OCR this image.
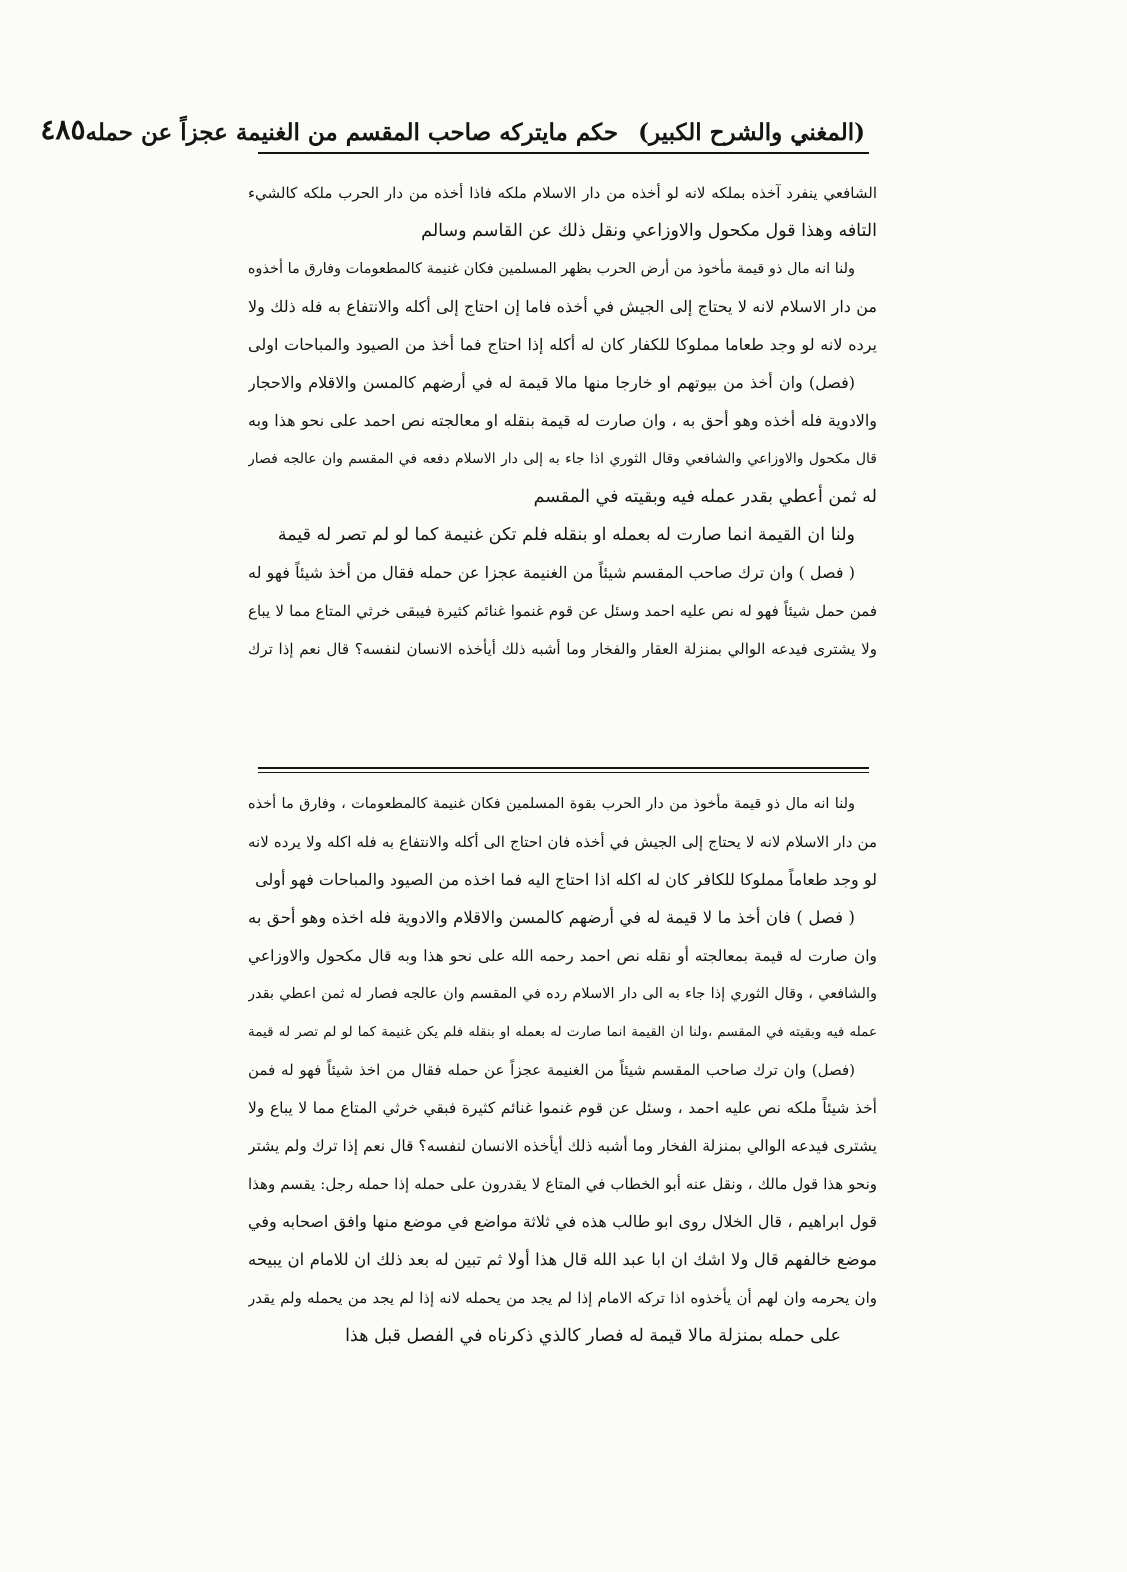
(المغني والشرح الكبير)حكم مايتركه صاحب المقسم من الغنيمة عجزاً عن حمله
٤٨٥
الشافعي ينفرد آخذه بملكه لانه لو أخذه من دار الاسلام ملكه فاذا أخذه من دار الحرب ملكه كالشيء
التافه وهذا قول مكحول والاوزاعي ونقل ذلك عن القاسم وسالم
ولنا انه مال ذو قيمة مأخوذ من أرض الحرب بظهر المسلمين فكان غنيمة كالمطعومات وفارق ما أخذوه
من دار الاسلام لانه لا يحتاج إلى الجيش في أخذه فاما إن احتاج إلى أكله والانتفاع به فله ذلك ولا
يرده لانه لو وجد طعاما مملوكا للكفار كان له أكله إذا احتاج فما أخذ من الصيود والمباحات اولى
(فصل) وان أخذ من بيوتهم او خارجا منها مالا قيمة له في أرضهم كالمسن والاقلام والاحجار
والادوية فله أخذه وهو أحق به ، وان صارت له قيمة بنقله او معالجته نص احمد على نحو هذا وبه
قال مكحول والاوزاعي والشافعي وقال الثوري اذا جاء به إلى دار الاسلام دفعه في المقسم وان عالجه فصار
له ثمن أعطي بقدر عمله فيه وبقيته في المقسم
ولنا ان القيمة انما صارت له بعمله او بنقله فلم تكن غنيمة كما لو لم تصر له قيمة
( فصل ) وان ترك صاحب المقسم شيئاً من الغنيمة عجزا عن حمله فقال من أخذ شيئاً فهو له
فمن حمل شيئاً فهو له نص عليه احمد وسئل عن قوم غنموا غنائم كثيرة فيبقى خرثي المتاع مما لا يباع
ولا يشترى فيدعه الوالي بمنزلة العقار والفخار وما أشبه ذلك أيأخذه الانسان لنفسه؟ قال نعم إذا ترك
ولنا انه مال ذو قيمة مأخوذ من دار الحرب بقوة المسلمين فكان غنيمة كالمطعومات ، وفارق ما أخذه
من دار الاسلام لانه لا يحتاج إلى الجيش في أخذه فان احتاج الى أكله والانتفاع به فله اكله ولا يرده لانه
لو وجد طعاماً مملوكا للكافر كان له اكله اذا احتاج اليه فما اخذه من الصيود والمباحات فهو أولى
( فصل ) فان أخذ ما لا قيمة له في أرضهم كالمسن والاقلام والادوية فله اخذه وهو أحق به
وان صارت له قيمة بمعالجته أو نقله نص احمد رحمه الله على نحو هذا وبه قال مكحول والاوزاعي
والشافعي ، وقال الثوري إذا جاء به الى دار الاسلام رده في المقسم وان عالجه فصار له ثمن اعطي بقدر
عمله فيه وبقيته في المقسم ،ولنا ان القيمة انما صارت له بعمله او بنقله فلم يكن غنيمة كما لو لم تصر له قيمة
(فصل) وان ترك صاحب المقسم شيئاً من الغنيمة عجزاً عن حمله فقال من اخذ شيئاً فهو له فمن
أخذ شيئاً ملكه نص عليه احمد ، وسئل عن قوم غنموا غنائم كثيرة فبقي خرثي المتاع مما لا يباع ولا
يشترى فيدعه الوالي بمنزلة الفخار وما أشبه ذلك أيأخذه الانسان لنفسه؟ قال نعم إذا ترك ولم يشتر
ونحو هذا قول مالك ، ونقل عنه أبو الخطاب في المتاع لا يقدرون على حمله إذا حمله رجل: يقسم وهذا
قول ابراهيم ، قال الخلال روى ابو طالب هذه في ثلاثة مواضع في موضع منها وافق اصحابه وفي
موضع خالفهم قال ولا اشك ان ابا عبد الله قال هذا أولا ثم تبين له بعد ذلك ان للامام ان يبيحه
وان يحرمه وان لهم أن يأخذوه اذا تركه الامام إذا لم يجد من يحمله لانه إذا لم يجد من يحمله ولم يقدر
على حمله بمنزلة مالا قيمة له فصار كالذي ذكرناه في الفصل قبل هذا
